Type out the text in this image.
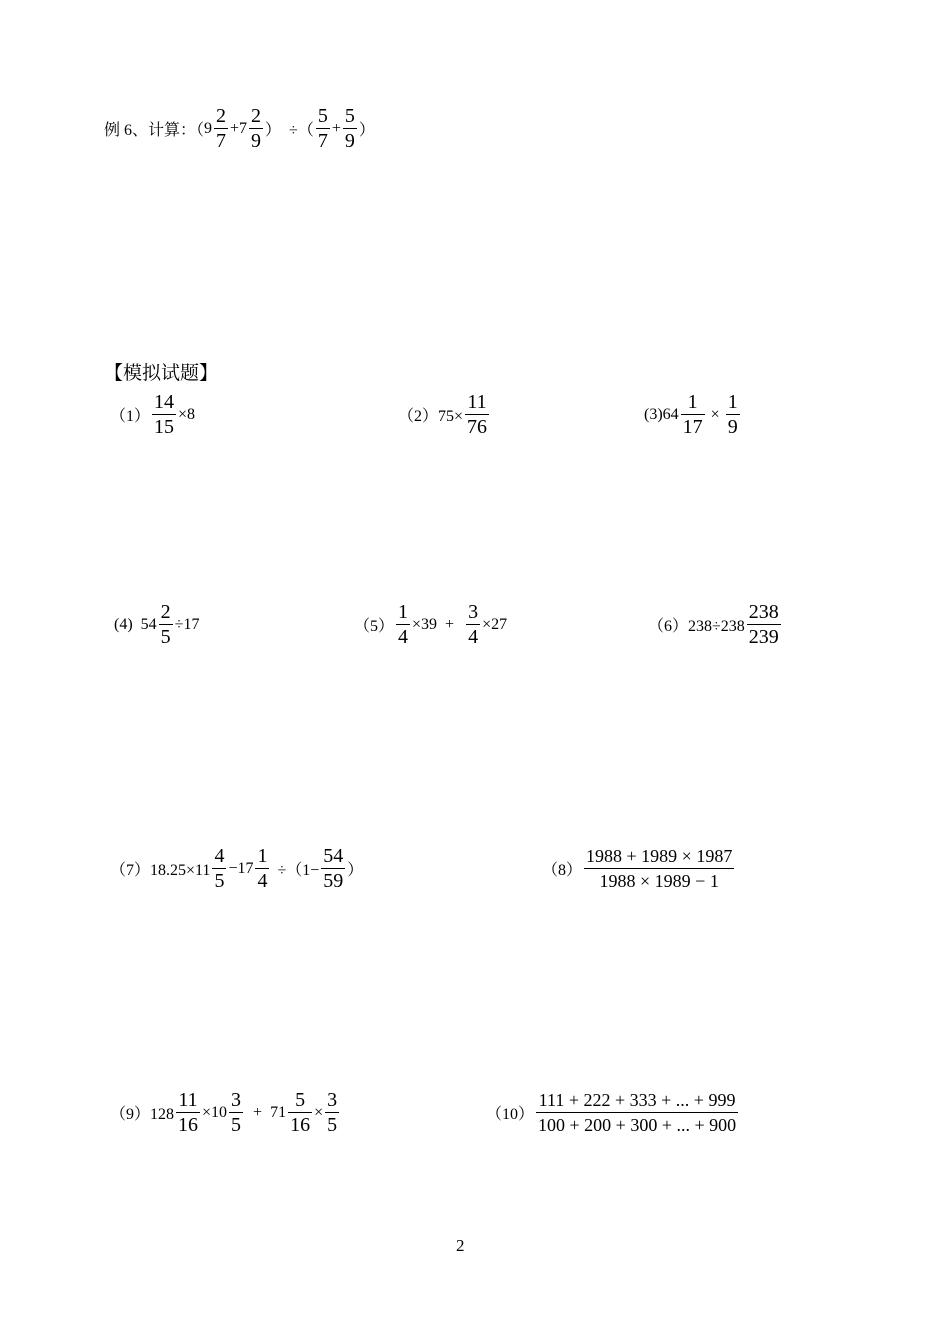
例 6、计算：（ $9 \frac{2}{7} + 7 \frac{2}{9}$ ）  ÷（ $\frac{5}{7} + \frac{5}{9}$ ）
【模拟试题】
$(1) \frac{14}{15} \times 8$	$(2)75\times \frac{11}{76}$	$(3)64 \frac{1}{17} \times \frac{1}{9}$
(4)  $54 \frac{2}{5} \div 17$	$(5) \frac{1}{4} \times 39 + \frac{3}{4} \times 27$	$(6)238\div 238 \frac{238}{239}$
$(7)18.25\times 11 \frac{4}{5} -17 \frac{1}{4} \div(1- \frac{54}{59}$ ）	$(8) \frac{1988 + 1989 \times 1987}{1988 \times 1989 - 1}$
$(9)128 \frac{11}{16} \times 10 \frac{3}{5} + 71 \frac{5}{16} \times \frac{3}{5}$	$(10) \frac{111 + 222 + 333 + ... + 999}{100 + 200 + 300 + ... + 900}$
2
